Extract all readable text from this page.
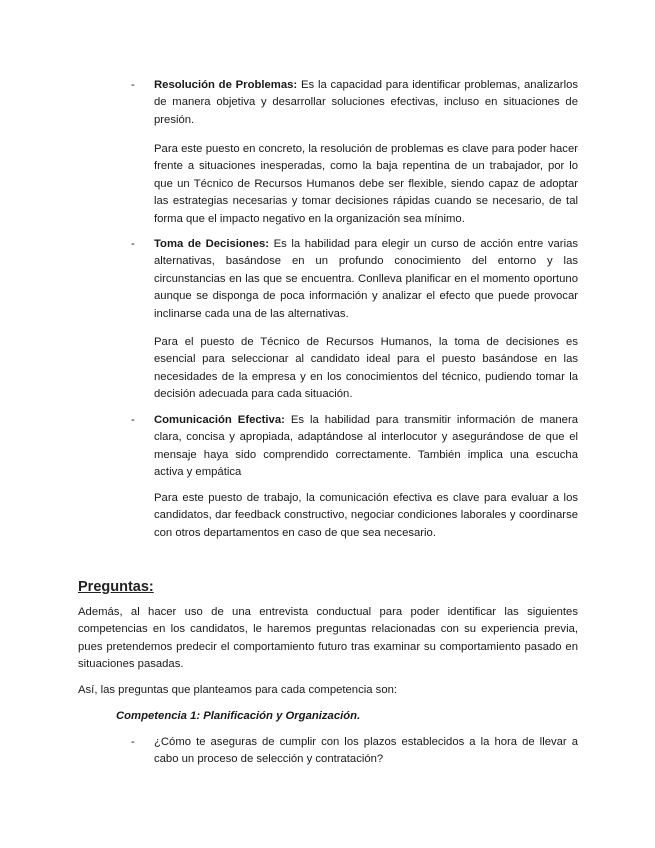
- Resolución de Problemas: Es la capacidad para identificar problemas, analizarlos de manera objetiva y desarrollar soluciones efectivas, incluso en situaciones de presión.

Para este puesto en concreto, la resolución de problemas es clave para poder hacer frente a situaciones inesperadas, como la baja repentina de un trabajador, por lo que un Técnico de Recursos Humanos debe ser flexible, siendo capaz de adoptar las estrategias necesarias y tomar decisiones rápidas cuando se necesario, de tal forma que el impacto negativo en la organización sea mínimo.

- Toma de Decisiones: Es la habilidad para elegir un curso de acción entre varias alternativas, basándose en un profundo conocimiento del entorno y las circunstancias en las que se encuentra. Conlleva planificar en el momento oportuno aunque se disponga de poca información y analizar el efecto que puede provocar inclinarse cada una de las alternativas.

Para el puesto de Técnico de Recursos Humanos, la toma de decisiones es esencial para seleccionar al candidato ideal para el puesto basándose en las necesidades de la empresa y en los conocimientos del técnico, pudiendo tomar la decisión adecuada para cada situación.

- Comunicación Efectiva: Es la habilidad para transmitir información de manera clara, concisa y apropiada, adaptándose al interlocutor y asegurándose de que el mensaje haya sido comprendido correctamente. También implica una escucha activa y empática

Para este puesto de trabajo, la comunicación efectiva es clave para evaluar a los candidatos, dar feedback constructivo, negociar condiciones laborales y coordinarse con otros departamentos en caso de que sea necesario.

Preguntas:

Además, al hacer uso de una entrevista conductual para poder identificar las siguientes competencias en los candidatos, le haremos preguntas relacionadas con su experiencia previa, pues pretendemos predecir el comportamiento futuro tras examinar su comportamiento pasado en situaciones pasadas.

Así, las preguntas que planteamos para cada competencia son:

Competencia 1: Planificación y Organización.
- ¿Cómo te aseguras de cumplir con los plazos establecidos a la hora de llevar a cabo un proceso de selección y contratación?
